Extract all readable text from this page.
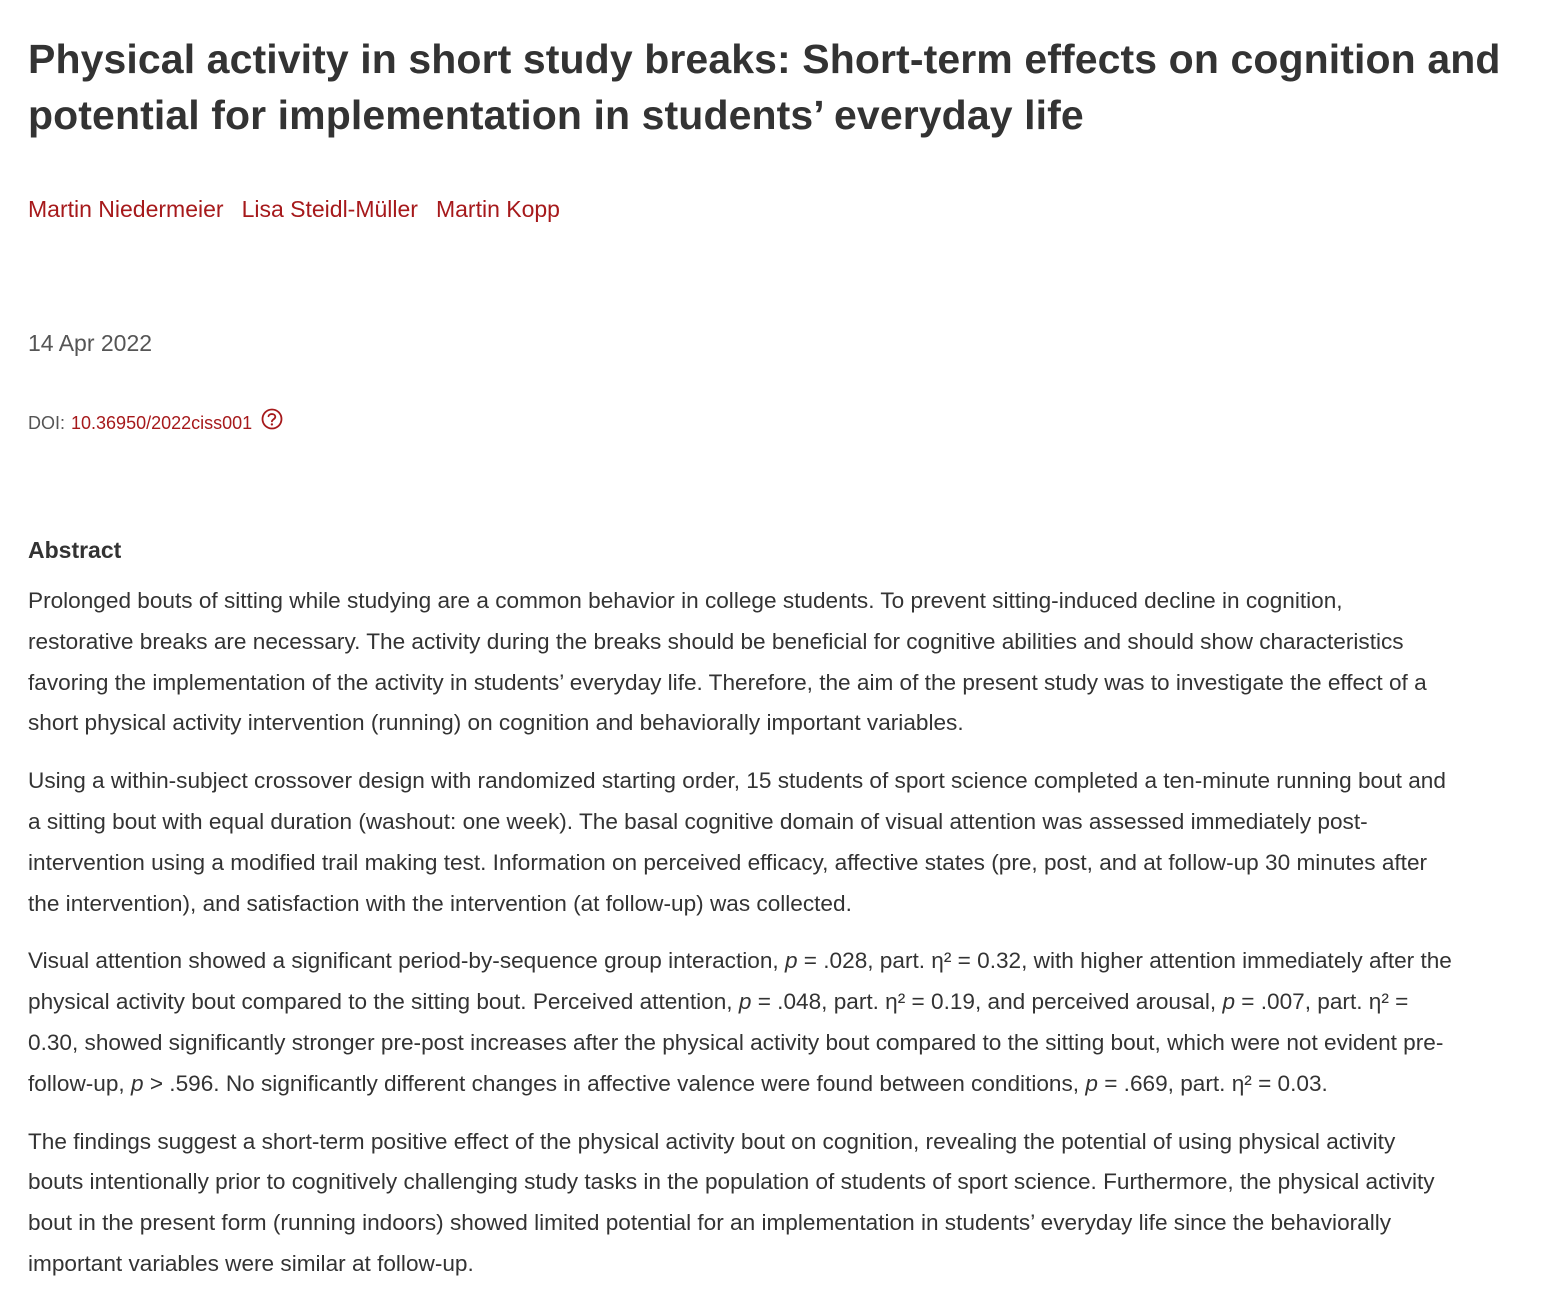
Physical activity in short study breaks: Short-term effects on cognition and potential for implementation in students’ everyday life
Martin Niedermeier Lisa Steidl-Müller Martin Kopp
14 Apr 2022
DOI: 10.36950/2022ciss001
Abstract

Prolonged bouts of sitting while studying are a common behavior in college students. To prevent sitting-induced decline in cognition,
restorative breaks are necessary. The activity during the breaks should be beneficial for cognitive abilities and should show characteristics
favoring the implementation of the activity in students’ everyday life. Therefore, the aim of the present study was to investigate the effect of a
short physical activity intervention (running) on cognition and behaviorally important variables.

Using a within-subject crossover design with randomized starting order, 15 students of sport science completed a ten-minute running bout and
a sitting bout with equal duration (washout: one week). The basal cognitive domain of visual attention was assessed immediately post-
intervention using a modified trail making test. Information on perceived efficacy, affective states (pre, post, and at follow-up 30 minutes after
the intervention), and satisfaction with the intervention (at follow-up) was collected.

Visual attention showed a significant period-by-sequence group interaction, p = .028, part. η² = 0.32, with higher attention immediately after the
physical activity bout compared to the sitting bout. Perceived attention, p = .048, part. η² = 0.19, and perceived arousal, p = .007, part. η² =
0.30, showed significantly stronger pre-post increases after the physical activity bout compared to the sitting bout, which were not evident pre-
follow-up, p > .596. No significantly different changes in affective valence were found between conditions, p = .669, part. η² = 0.03.

The findings suggest a short-term positive effect of the physical activity bout on cognition, revealing the potential of using physical activity
bouts intentionally prior to cognitively challenging study tasks in the population of students of sport science. Furthermore, the physical activity
bout in the present form (running indoors) showed limited potential for an implementation in students’ everyday life since the behaviorally
important variables were similar at follow-up.
